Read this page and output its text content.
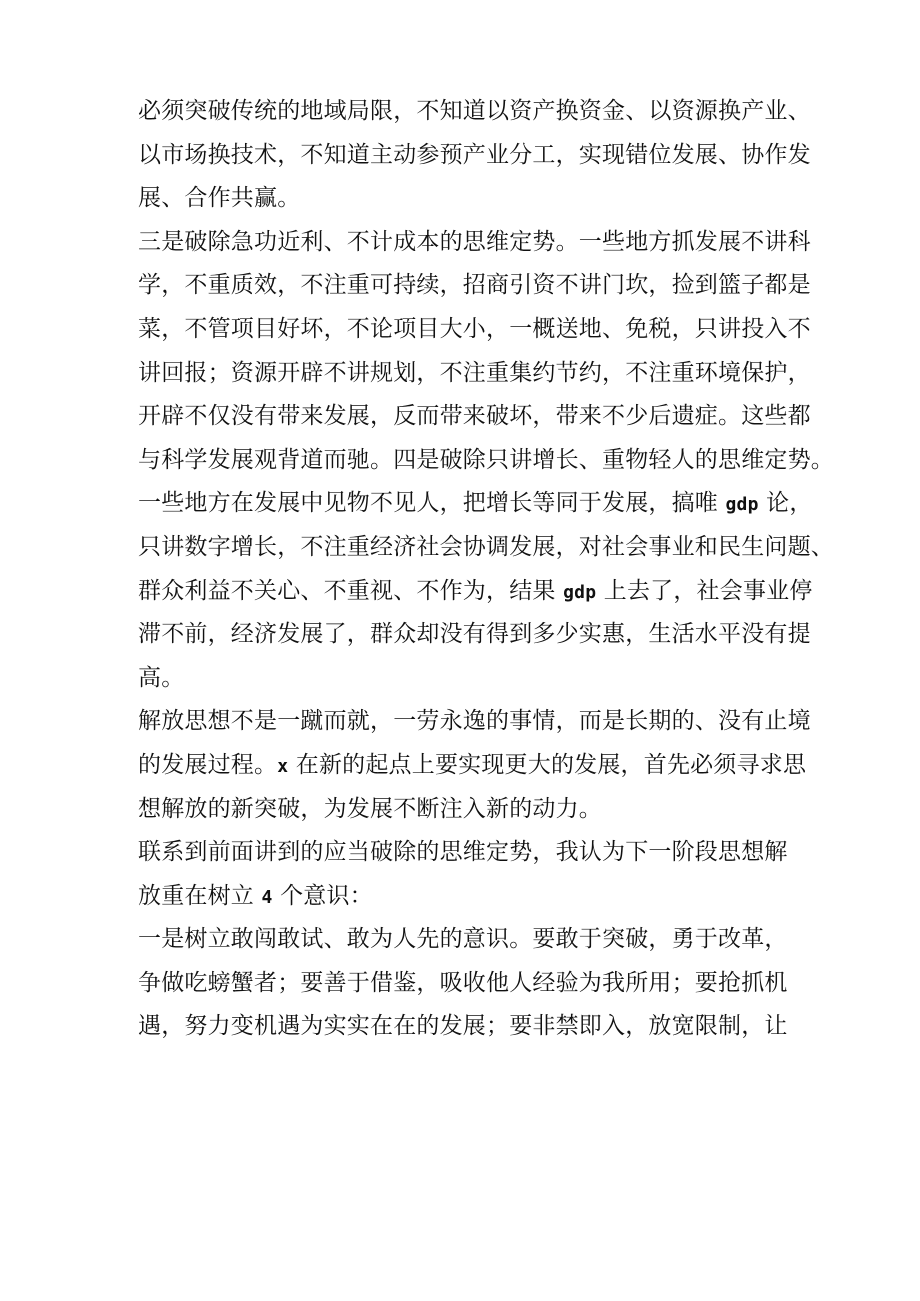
必须突破传统的地域局限，不知道以资产换资金、以资源换产业、
以市场换技术，不知道主动参预产业分工，实现错位发展、协作发
展、合作共赢。
三是破除急功近利、不计成本的思维定势。一些地方抓发展不讲科
学，不重质效，不注重可持续，招商引资不讲门坎，捡到篮子都是
菜，不管项目好坏，不论项目大小，一概送地、免税，只讲投入不
讲回报；资源开辟不讲规划，不注重集约节约，不注重环境保护，
开辟不仅没有带来发展，反而带来破坏，带来不少后遗症。这些都
与科学发展观背道而驰。四是破除只讲增长、重物轻人的思维定势。
一些地方在发展中见物不见人，把增长等同于发展，搞唯 gdp 论，
只讲数字增长，不注重经济社会协调发展，对社会事业和民生问题、
群众利益不关心、不重视、不作为，结果 gdp 上去了，社会事业停
滞不前，经济发展了，群众却没有得到多少实惠，生活水平没有提
高。
解放思想不是一蹴而就，一劳永逸的事情，而是长期的、没有止境
的发展过程。x 在新的起点上要实现更大的发展，首先必须寻求思
想解放的新突破，为发展不断注入新的动力。
联系到前面讲到的应当破除的思维定势，我认为下一阶段思想解
放重在树立 4 个意识：
一是树立敢闯敢试、敢为人先的意识。要敢于突破，勇于改革，
争做吃螃蟹者；要善于借鉴，吸收他人经验为我所用；要抢抓机
遇，努力变机遇为实实在在的发展；要非禁即入，放宽限制，让
